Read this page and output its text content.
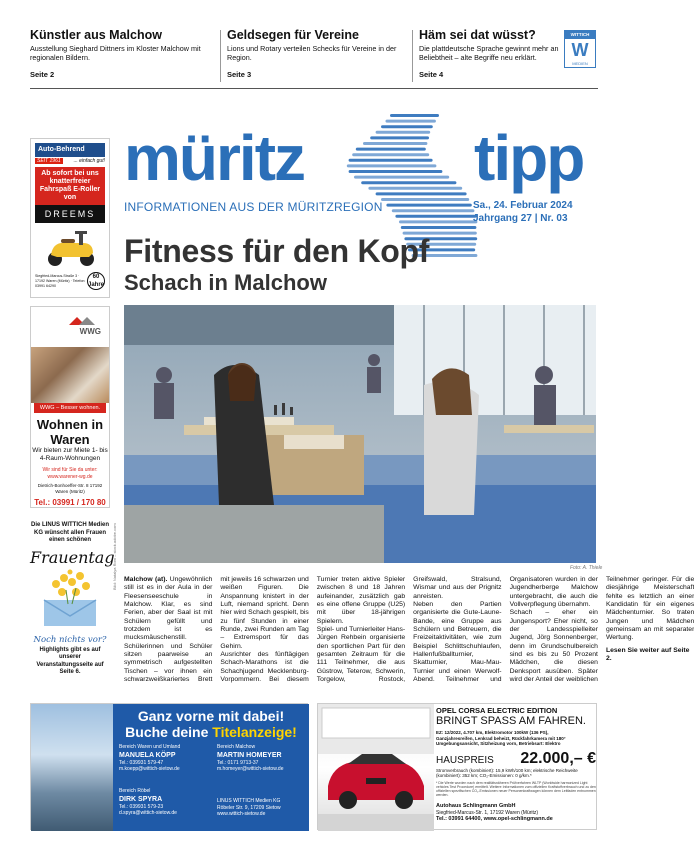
Künstler aus Malchow

Ausstellung Sieghard Dittners im Kloster Malchow mit regionalen Bildern.

Seite 2
Geldsegen für Vereine

Lions und Rotary verteilen Schecks für Vereine in der Region.

Seite 3
Häm sei dat wüsst?

Die plattdeutsche Sprache gewinnt mehr an Beliebtheit – alte Begriffe neu erklärt.

Seite 4
WITTICH
W
MEDIEN
müritz	tipp
INFORMATIONEN AUS DER MÜRITZREGION	Sa., 24. Februar 2024
Jahrgang 27 | Nr. 03
Fitness für den Kopf
Schach in Malchow
Auto-Behrend
SEIT 1961	... einfach gut!
Ab sofort bei uns knatterfreier Fahrspaß E-Roller von
DREEMS
Siegfried-Marcus-Straße 3 · 17192 Waren (Müritz) · Telefon: 03991 64290
60 Jahre
WWG
WWG – Besser wohnen.
Wohnen in Waren
Wir bieten zur Miete 1- bis 4-Raum-Wohnungen
Wir sind für Sie da unter: www.warener-wg.de
Dietrich-Bonhoeffer-Str. 8 17192 Waren (Müritz)
Tel.: 03991 / 170 80
Die LINUS WITTICH Medien KG wünscht allen Frauen einen schönen
Frauentag
Noch nichts vor?
Highlights gibt es auf unserer Veranstaltungsseite auf Seite 6.
Bild: Natalya Rom – stock.adobe.com	Foto: A. Thiele

Malchow (at). Ungewöhnlich still ist es in der Aula in der Fleesenseeschule in Malchow. Klar, es sind Ferien, aber der Saal ist mit Schülern gefüllt und trotzdem ist es mucksmäuschenstill. Schülerinnen und Schüler sitzen paarweise an symmetrisch aufgestellten Tischen – vor ihnen ein schwarzweißkariertes Brett mit jeweils 16 schwarzen und weißen Figuren. Die Anspannung knistert in der Luft, niemand spricht. Denn hier wird Schach gespielt, bis zu fünf Stunden in einer Runde, zwei Runden am Tag – Extremsport für das Gehirn.

Ausrichter des fünftägigen Schach-Marathons ist die Schachjugend Mecklenburg-Vorpommern. Bei diesem Turnier treten aktive Spieler zwischen 8 und 18 Jahren aufeinander, zusätzlich gab es eine offene Gruppe (U25) mit über 18-jährigen Spielern.

Spiel- und Turnierleiter Hans-Jürgen Rehbein organisierte den sportlichen Part für den gesamten Zeitraum für die 111 Teilnehmer, die aus Güstrow, Teterow, Schwerin, Torgelow, Rostock, Greifswald, Stralsund, Wismar und aus der Prignitz anreisten.

Neben den Partien organisierte die Gute-Laune-Bande, eine Gruppe aus Schülern und Betreuern, die Freizeitaktivitäten, wie zum Beispiel Schlittschuhlaufen, Hallenfußballturnier, Skatturnier, Mau-Mau-Turnier und einen Werwolf-Abend. Teilnehmer und Organisatoren wurden in der Jugendherberge Malchow untergebracht, die auch die Vollverpflegung übernahm.

Schach – eher ein Jungensport? Eher nicht, so der Landesspielleiter Jugend, Jörg Sonnenberger, denn im Grundschulbereich sind es bis zu 50 Prozent Mädchen, die diesen Denksport ausüben. Später wird der Anteil der weiblichen Teilnehmer geringer. Für die diesjährige Meisterschaft fehlte es letztlich an einer Kandidatin für ein eigenes Mädchenturnier. So traten Jungen und Mädchen gemeinsam an mit separater Wertung.

Lesen Sie weiter auf Seite 2.

Ganz vorne mit dabei!
Buche deine Titelanzeige!
Bereich Waren und Umland
MANUELA KÖPP
Tel.: 039931 579-47
m.koepp@wittich-sietow.de
Bereich Malchow
MARTIN HOMEYER
Tel.: 0171 9713-37
m.homeyer@wittich-sietow.de
Bereich Röbel
DIRK SPYRA
Tel.: 039931 579-23
d.spyra@wittich-sietow.de
LINUS WITTICH Medien KG
Röbeler Str. 9, 17209 Sietow
www.wittich-sietow.de
OPEL CORSA ELECTRIC EDITION
BRINGT SPASS AM FAHREN.
EZ: 12/2022, 4.707 km, Elektromotor 100kW (136 PS), Ganzjahresreifen, Lenkrad beheizt, Rückfahrkamera mit 180° Umgebungsansicht, Sitzheizung vorn, Betriebsart: Elektro
HAUSPREIS 22.000,– €
Stromverbrauch (kombiniert): 15,9 kWh/100 km; elektrische Reichweite (kombiniert): 352 km; CO₂-Emissionen: 0 g/km.*
* Die Werte wurden nach dem realitätsnäheren Prüfverfahren WLTP (Worldwide harmonized Light vehicles Test Procedure) ermittelt. Weitere Informationen zum offiziellen Kraftstoffverbrauch und zu den offiziellen spezifischen CO₂-Emissionen neuer Personenkraftwagen können dem Leitfaden entnommen werden.
Autohaus Schlingmann GmbH
Siegfried-Marcus-Str. 1, 17192 Waren (Müritz)
Tel.: 03991 64400, www.opel-schlingmann.de
